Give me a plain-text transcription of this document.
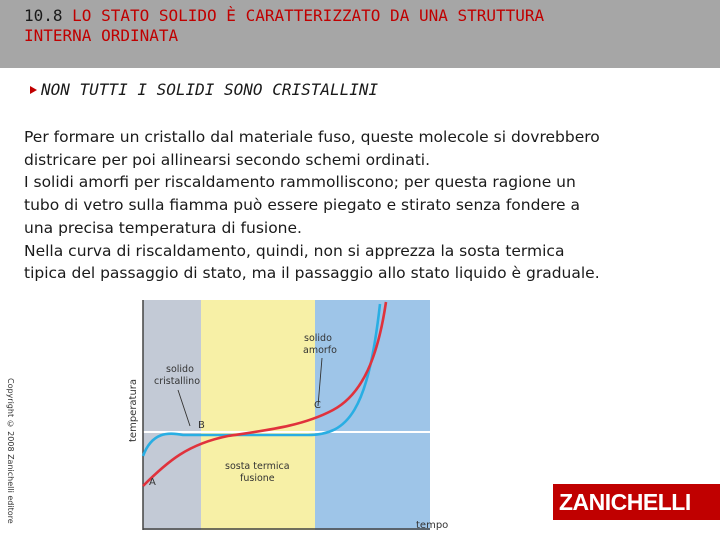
10.8 LO STATO SOLIDO È CARATTERIZZATO DA UNA STRUTTURA
INTERNA ORDINATA
NON TUTTI I SOLIDI SONO CRISTALLINI
Per formare un cristallo dal materiale fuso, queste molecole si dovrebbero
districare per poi allinearsi secondo schemi ordinati.
I solidi amorfi per riscaldamento rammolliscono; per questa ragione un
tubo di vetro sulla fiamma può essere piegato e stirato senza fondere a
una precisa temperatura di fusione.
Nella curva di riscaldamento, quindi, non si apprezza la sosta termica
tipica del passaggio di stato, ma il passaggio allo stato liquido è graduale.
Copyright © 2008 Zanichelli editore
solido
cristallino
solido
amorfo
sosta termica
fusione
A
B
C
temperatura
tempo
ZANICHELLI
